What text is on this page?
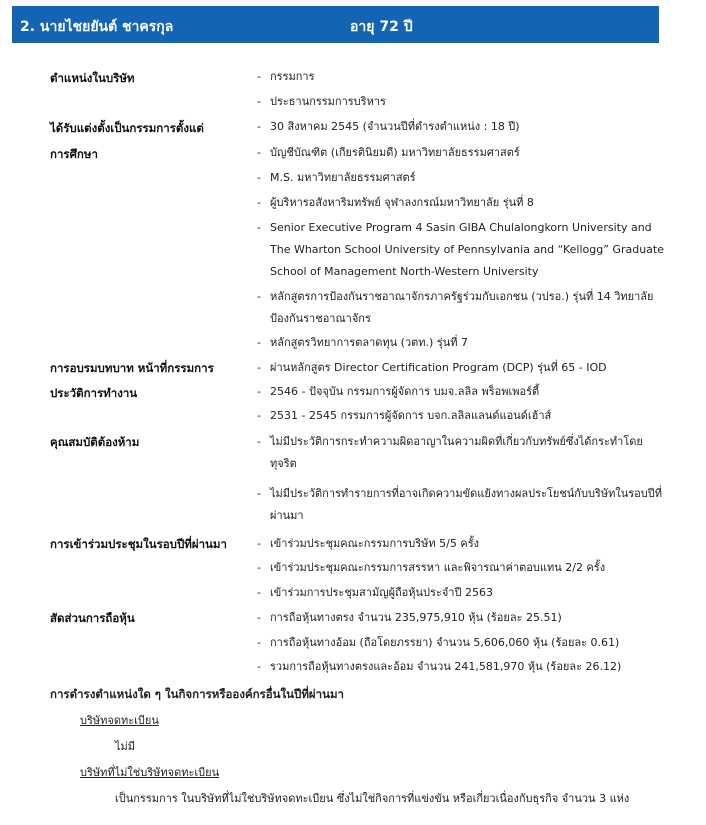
2. นายไชยยันต์ ชาครกุล	อายุ 72 ปี
ตำแหน่งในบริษัท
ได้รับแต่งตั้งเป็นกรรมการตั้งแต่
การศึกษา
การอบรมบทบาท หน้าที่กรรมการ
ประวัติการทำงาน
คุณสมบัติต้องห้าม
การเข้าร่วมประชุมในรอบปีที่ผ่านมา
สัดส่วนการถือหุ้น
- กรรมการ
- ประธานกรรมการบริหาร
- 30 สิงหาคม 2545 (จำนวนปีที่ดำรงตำแหน่ง : 18 ปี)
- บัญชีบัณฑิต (เกียรตินิยมดี) มหาวิทยาลัยธรรมศาสตร์
- M.S. มหาวิทยาลัยธรรมศาสตร์
- ผู้บริหารอสังหาริมทรัพย์ จุฬาลงกรณ์มหาวิทยาลัย รุ่นที่ 8
- Senior Executive Program 4 Sasin GIBA Chulalongkorn University and The Wharton School University of Pennsylvania and “Kellogg” Graduate School of Management North-Western University
- หลักสูตรการป้องกันราชอาณาจักรภาครัฐร่วมกับเอกชน (วปรอ.) รุ่นที่ 14 วิทยาลัยป้องกันราชอาณาจักร
- หลักสูตรวิทยาการตลาดทุน (วตท.) รุ่นที่ 7
- ผ่านหลักสูตร Director Certification Program (DCP) รุ่นที่ 65 - IOD
- 2546 - ปัจจุบัน กรรมการผู้จัดการ บมจ.ลลิล พร็อพเพอร์ตี้
- 2531 - 2545 กรรมการผู้จัดการ บจก.ลลิลแลนด์แอนด์เฮ้าส์
- ไม่มีประวัติการกระทำความผิดอาญาในความผิดที่เกี่ยวกับทรัพย์ซึ่งได้กระทำโดยทุจริต
- ไม่มีประวัติการทำรายการที่อาจเกิดความขัดแย้งทางผลประโยชน์กับบริษัทในรอบปีที่ผ่านมา
- เข้าร่วมประชุมคณะกรรมการบริษัท 5/5 ครั้ง
- เข้าร่วมประชุมคณะกรรมการสรรหา และพิจารณาค่าตอบแทน 2/2 ครั้ง
- เข้าร่วมการประชุมสามัญผู้ถือหุ้นประจำปี 2563
- การถือหุ้นทางตรง จำนวน 235,975,910 หุ้น (ร้อยละ 25.51)
- การถือหุ้นทางอ้อม (ถือโดยภรรยา) จำนวน 5,606,060 หุ้น (ร้อยละ 0.61)
- รวมการถือหุ้นทางตรงและอ้อม จำนวน 241,581,970 หุ้น (ร้อยละ 26.12)
การดำรงตำแหน่งใด ๆ ในกิจการหรือองค์กรอื่นในปีที่ผ่านมา
บริษัทจดทะเบียน
ไม่มี
บริษัทที่ไม่ใช่บริษัทจดทะเบียน
เป็นกรรมการ ในบริษัทที่ไม่ใช่บริษัทจดทะเบียน ซึ่งไม่ใช่กิจการที่แข่งขัน หรือเกี่ยวเนื่องกับธุรกิจ จำนวน 3 แห่ง
